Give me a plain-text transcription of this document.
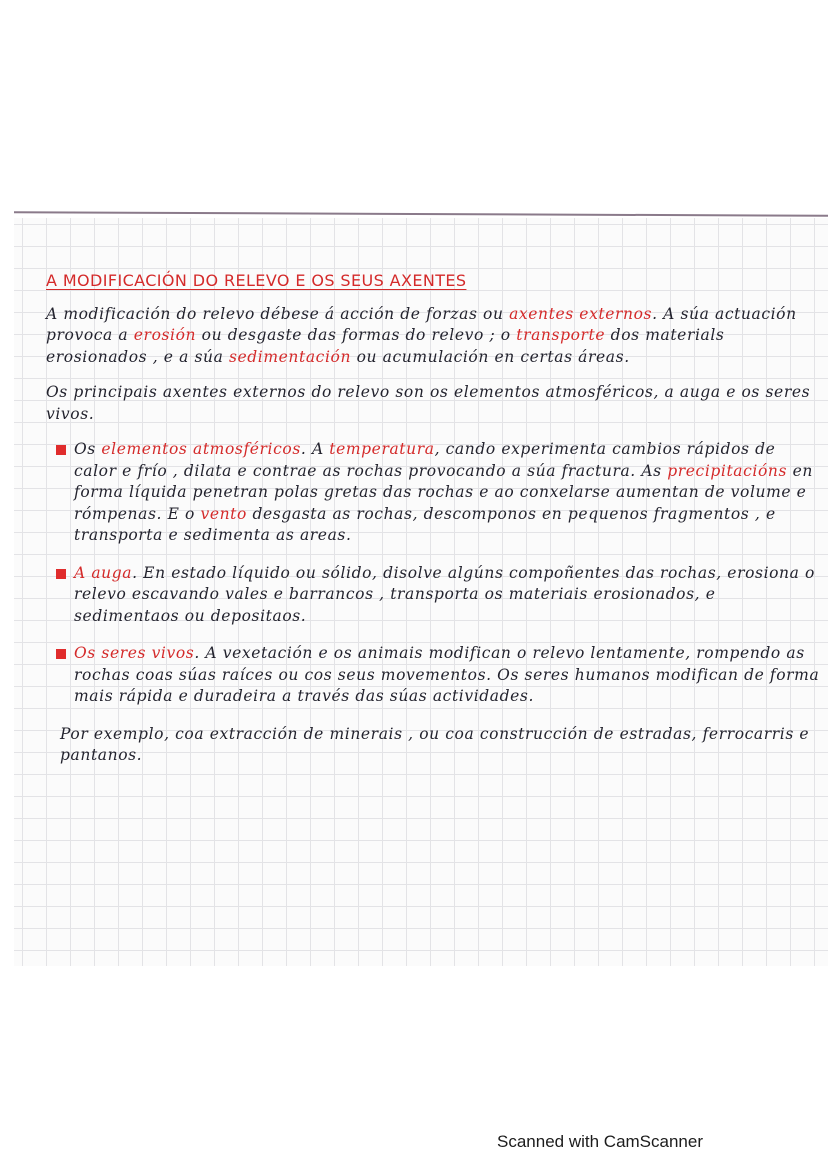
A MODIFICACIÓN DO RELEVO E OS SEUS AXENTES

A modificación do relevo débese á acción de forzas ou axentes externos. A súa actuación provoca a erosión ou desgaste das formas do relevo ; o transporte dos materials erosionados , e a súa sedimentación ou acumulación en certas áreas.

Os principais axentes externos do relevo son os elementos atmosféricos, a auga e os seres vivos.

Os elementos atmosféricos. A temperatura, cando experimenta cambios rápidos de calor e frío , dilata e contrae as rochas provocando a súa fractura. As precipitacións en forma líquida penetran polas gretas das rochas e ao conxelarse aumentan de volume e rómpenas. E o vento desgasta as rochas, descomponos en pequenos fragmentos , e transporta e sedimenta as areas.

A auga. En estado líquido ou sólido, disolve algúns compoñentes das rochas, erosiona o relevo escavando vales e barrancos , transporta os materiais erosionados, e sedimentaos ou depositaos.

Os seres vivos. A vexetación e os animais modifican o relevo lentamente, rompendo as rochas coas súas raíces ou cos seus movementos. Os seres humanos modifican de forma mais rápida e duradeira a través das súas actividades.

Por exemplo, coa extracción de minerais , ou coa construcción de estradas, ferrocarris e pantanos.

Scanned with CamScanner
